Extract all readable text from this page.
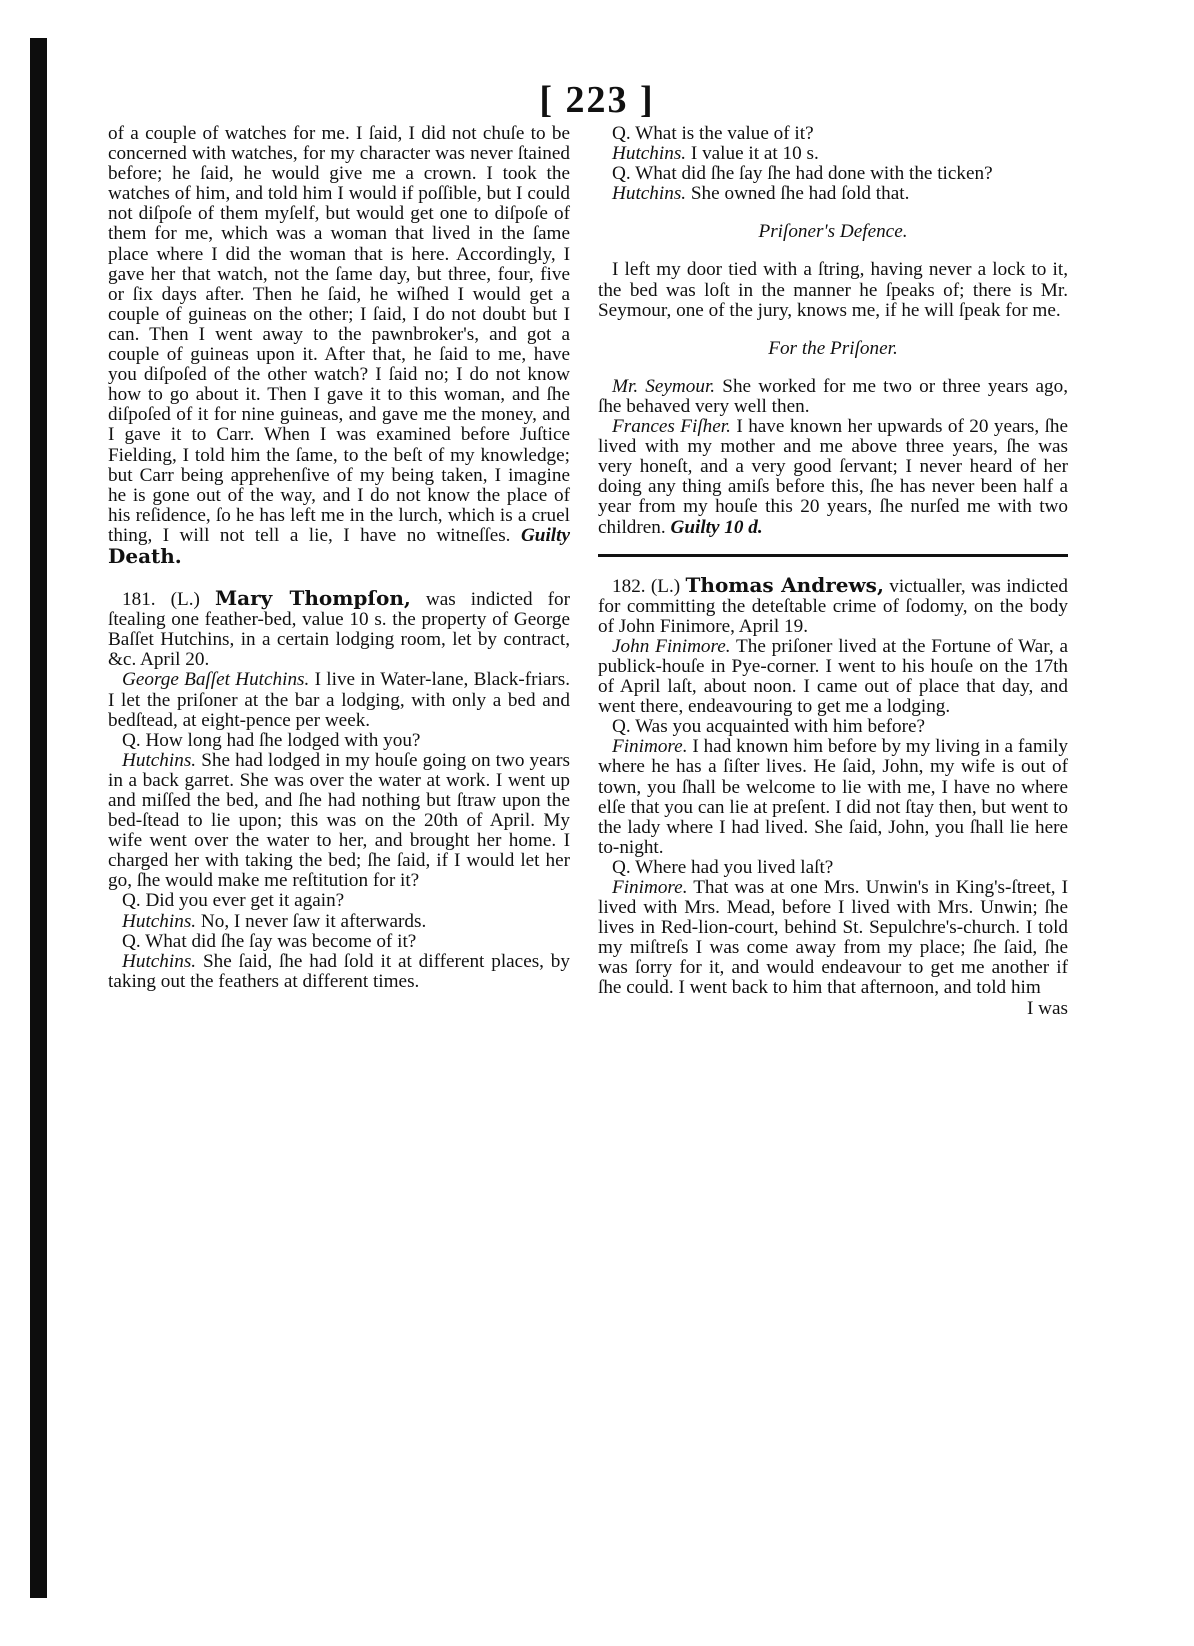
[ 223 ]

of a couple of watches for me. I ſaid, I did not chuſe to be concerned with watches, for my character was never ſtained before; he ſaid, he would give me a crown. I took the watches of him, and told him I would if poſſible, but I could not diſpoſe of them myſelf, but would get one to diſpoſe of them for me, which was a woman that lived in the ſame place where I did the woman that is here. Accordingly, I gave her that watch, not the ſame day, but three, four, five or ſix days after. Then he ſaid, he wiſhed I would get a couple of guineas on the other; I ſaid, I do not doubt but I can. Then I went away to the pawnbroker's, and got a couple of guineas upon it. After that, he ſaid to me, have you diſpoſed of the other watch? I ſaid no; I do not know how to go about it. Then I gave it to this woman, and ſhe diſpoſed of it for nine guineas, and gave me the money, and I gave it to Carr. When I was examined before Juſtice Fielding, I told him the ſame, to the beſt of my knowledge; but Carr being apprehenſive of my being taken, I imagine he is gone out of the way, and I do not know the place of his reſidence, ſo he has left me in the lurch, which is a cruel thing, I will not tell a lie, I have no witneſſes. Guilty Death.

181. (L.) Mary Thompſon, was indicted for ſtealing one feather-bed, value 10 s. the property of George Baſſet Hutchins, in a certain lodging room, let by contract, &c. April 20.

George Baſſet Hutchins. I live in Water-lane, Black-friars. I let the priſoner at the bar a lodging, with only a bed and bedſtead, at eight-pence per week.

Q. How long had ſhe lodged with you?

Hutchins. She had lodged in my houſe going on two years in a back garret. She was over the water at work. I went up and miſſed the bed, and ſhe had nothing but ſtraw upon the bed-ſtead to lie upon; this was on the 20th of April. My wife went over the water to her, and brought her home. I charged her with taking the bed; ſhe ſaid, if I would let her go, ſhe would make me reſtitution for it?

Q. Did you ever get it again?

Hutchins. No, I never ſaw it afterwards.

Q. What did ſhe ſay was become of it?

Hutchins. She ſaid, ſhe had ſold it at different places, by taking out the feathers at different times.

Q. What is the value of it?

Hutchins. I value it at 10 s.

Q. What did ſhe ſay ſhe had done with the ticken?

Hutchins. She owned ſhe had ſold that.

Priſoner's Defence.

I left my door tied with a ſtring, having never a lock to it, the bed was loſt in the manner he ſpeaks of; there is Mr. Seymour, one of the jury, knows me, if he will ſpeak for me.

For the Priſoner.

Mr. Seymour. She worked for me two or three years ago, ſhe behaved very well then.

Frances Fiſher. I have known her upwards of 20 years, ſhe lived with my mother and me above three years, ſhe was very honeſt, and a very good ſervant; I never heard of her doing any thing amiſs before this, ſhe has never been half a year from my houſe this 20 years, ſhe nurſed me with two children. Guilty 10 d.

182. (L.) Thomas Andrews, victualler, was indicted for committing the deteſtable crime of ſodomy, on the body of John Finimore, April 19.

John Finimore. The priſoner lived at the Fortune of War, a publick-houſe in Pye-corner. I went to his houſe on the 17th of April laſt, about noon. I came out of place that day, and went there, endeavouring to get me a lodging.

Q. Was you acquainted with him before?

Finimore. I had known him before by my living in a family where he has a ſiſter lives. He ſaid, John, my wife is out of town, you ſhall be welcome to lie with me, I have no where elſe that you can lie at preſent. I did not ſtay then, but went to the lady where I had lived. She ſaid, John, you ſhall lie here to-night.

Q. Where had you lived laſt?

Finimore. That was at one Mrs. Unwin's in King's-ſtreet, I lived with Mrs. Mead, before I lived with Mrs. Unwin; ſhe lives in Red-lion-court, behind St. Sepulchre's-church. I told my miſtreſs I was come away from my place; ſhe ſaid, ſhe was ſorry for it, and would endeavour to get me another if ſhe could. I went back to him that afternoon, and told him

I was
